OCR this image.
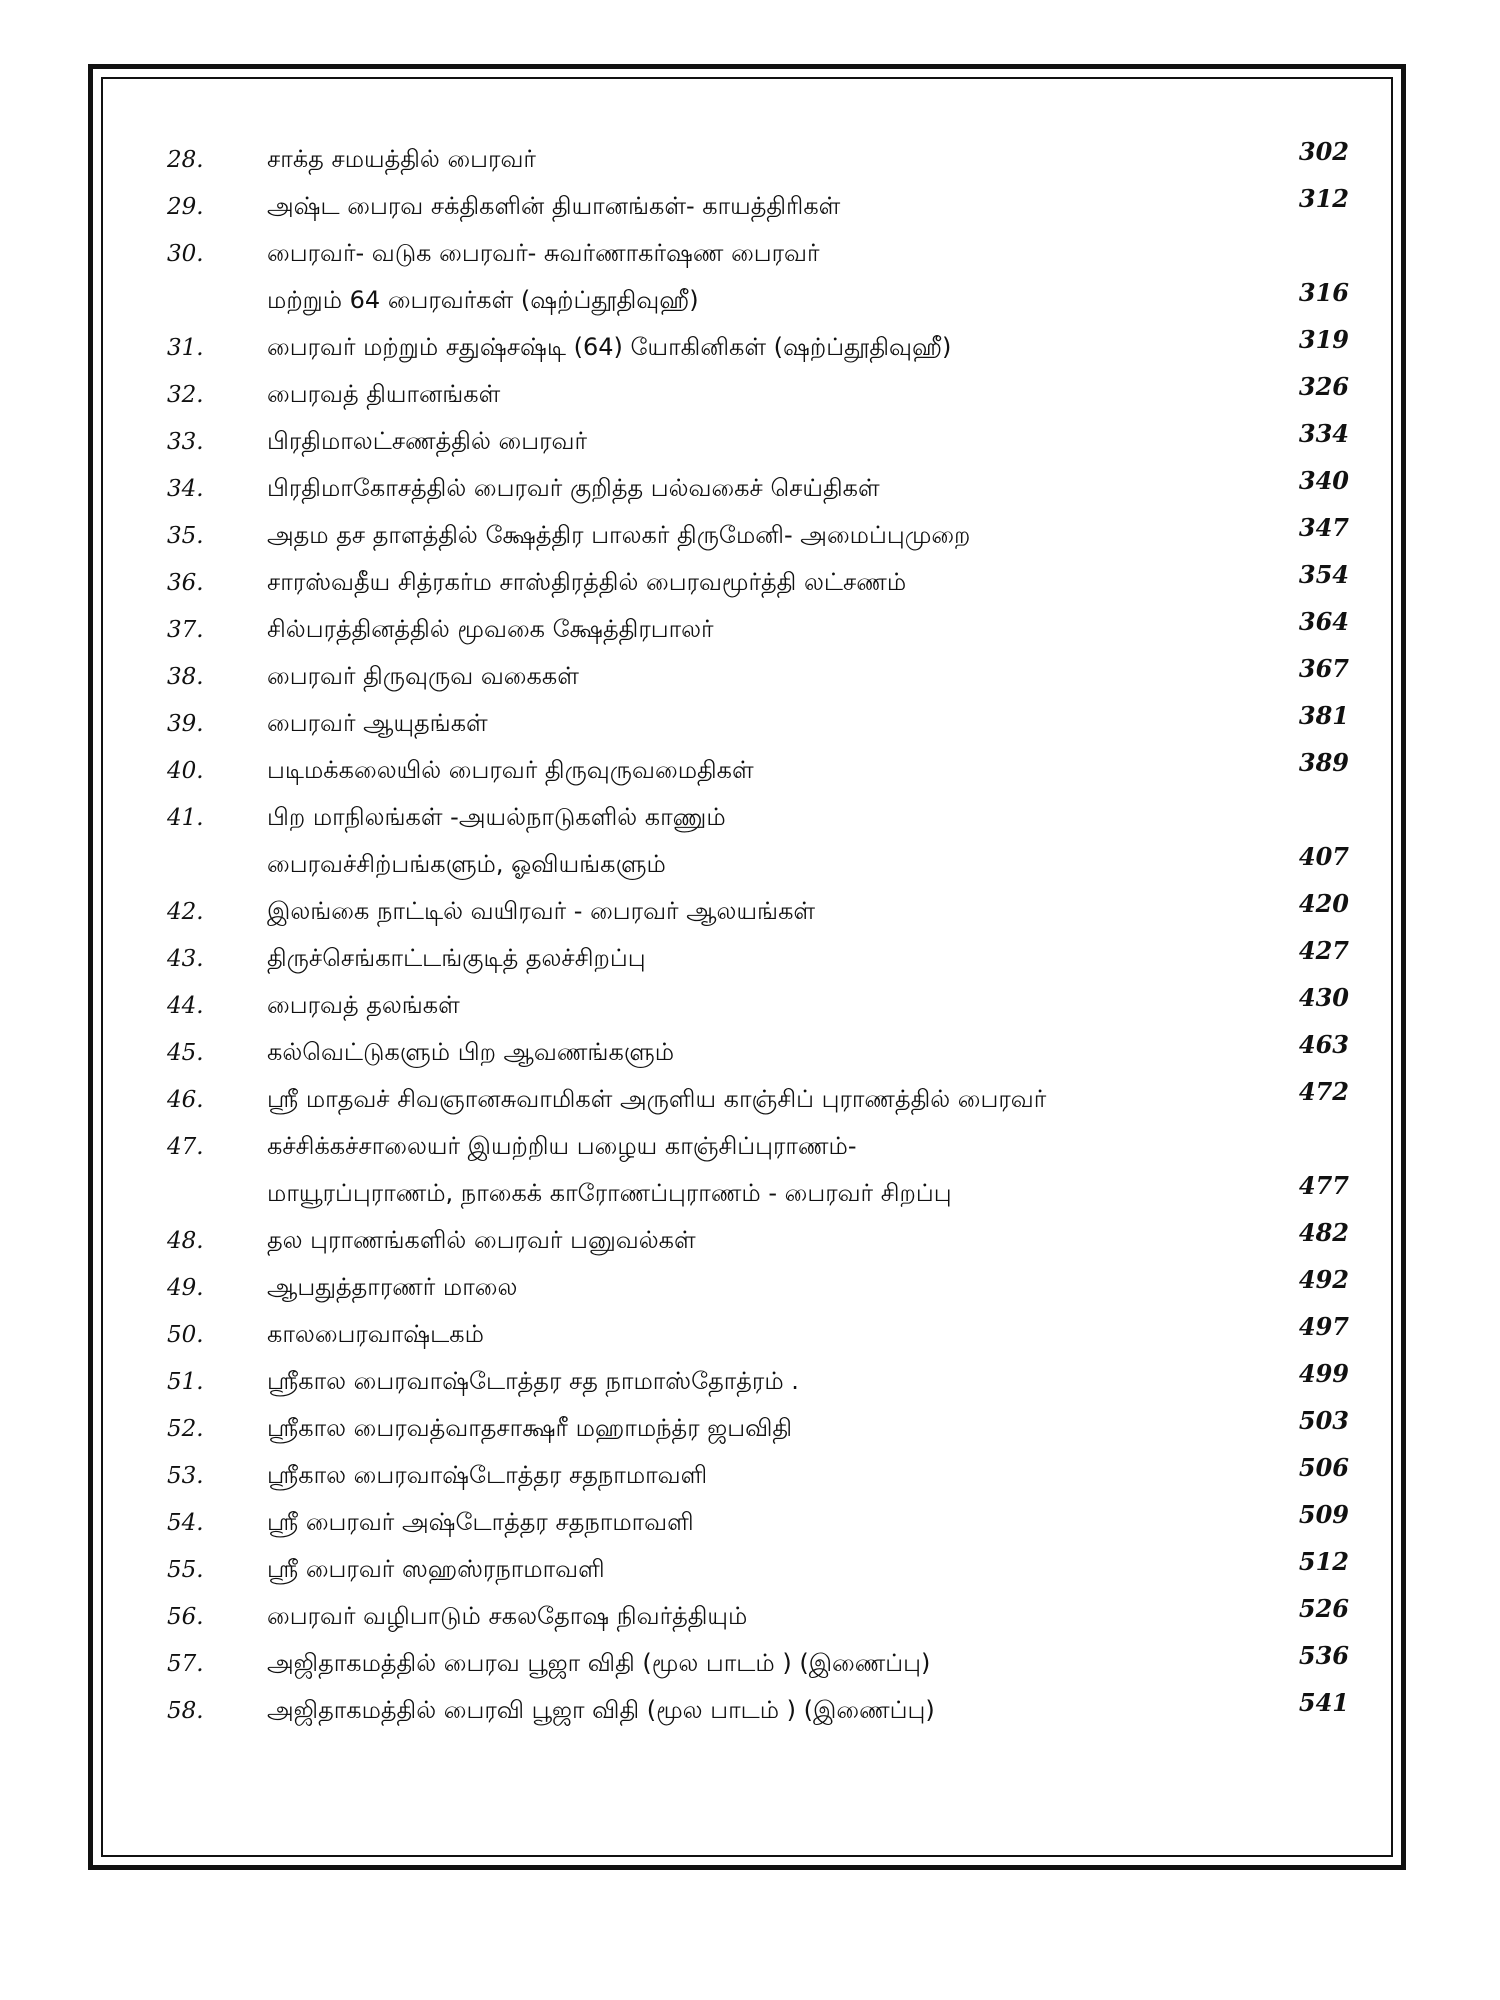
28.	சாக்த சமயத்தில் பைரவர்	302
29.	அஷ்ட பைரவ சக்திகளின் தியானங்கள்- காயத்திரிகள்	312
30.	பைரவர்- வடுக பைரவர்- சுவர்ணாகர்ஷண பைரவர்
மற்றும் 64 பைரவர்கள் (ஷற்ப்தூதிவுஹீ)	316
31.	பைரவர் மற்றும் சதுஷ்சஷ்டி (64) யோகினிகள் (ஷற்ப்தூதிவுஹீ)	319
32.	பைரவத் தியானங்கள்	326
33.	பிரதிமாலட்சணத்தில் பைரவர்	334
34.	பிரதிமாகோசத்தில் பைரவர் குறித்த பல்வகைச் செய்திகள்	340
35.	அதம தச தாளத்தில் க்ஷேத்திர பாலகர் திருமேனி- அமைப்புமுறை	347
36.	சாரஸ்வதீய சித்ரகர்ம சாஸ்திரத்தில் பைரவமூர்த்தி லட்சணம்	354
37.	சில்பரத்தினத்தில் மூவகை க்ஷேத்திரபாலர்	364
38.	பைரவர் திருவுருவ வகைகள்	367
39.	பைரவர் ஆயுதங்கள்	381
40.	படிமக்கலையில் பைரவர் திருவுருவமைதிகள்	389
41.	பிற மாநிலங்கள் -அயல்நாடுகளில் காணும்
பைரவச்சிற்பங்களும், ஓவியங்களும்	407
42.	இலங்கை நாட்டில் வயிரவர் - பைரவர் ஆலயங்கள்	420
43.	திருச்செங்காட்டங்குடித் தலச்சிறப்பு	427
44.	பைரவத் தலங்கள்	430
45.	கல்வெட்டுகளும் பிற ஆவணங்களும்	463
46.	ஸ்ரீ மாதவச் சிவஞானசுவாமிகள் அருளிய காஞ்சிப் புராணத்தில் பைரவர்	472
47.	கச்சிக்கச்சாலையர் இயற்றிய பழைய காஞ்சிப்புராணம்-
மாயூரப்புராணம், நாகைக் காரோணப்புராணம் - பைரவர் சிறப்பு	477
48.	தல புராணங்களில் பைரவர் பனுவல்கள்	482
49.	ஆபதுத்தாரணர் மாலை	492
50.	காலபைரவாஷ்டகம்	497
51.	ஸ்ரீகால பைரவாஷ்டோத்தர சத நாமாஸ்தோத்ரம் .	499
52.	ஸ்ரீகால பைரவத்வாதசாக்ஷரீ மஹாமந்த்ர ஜபவிதி	503
53.	ஸ்ரீகால பைரவாஷ்டோத்தர சதநாமாவளி	506
54.	ஸ்ரீ பைரவர் அஷ்டோத்தர சதநாமாவளி	509
55.	ஸ்ரீ பைரவர் ஸஹஸ்ரநாமாவளி	512
56.	பைரவர் வழிபாடும் சகலதோஷ நிவர்த்தியும்	526
57.	அஜிதாகமத்தில் பைரவ பூஜா விதி (மூல பாடம் ) (இணைப்பு)	536
58.	அஜிதாகமத்தில் பைரவி பூஜா விதி (மூல பாடம் ) (இணைப்பு)	541
